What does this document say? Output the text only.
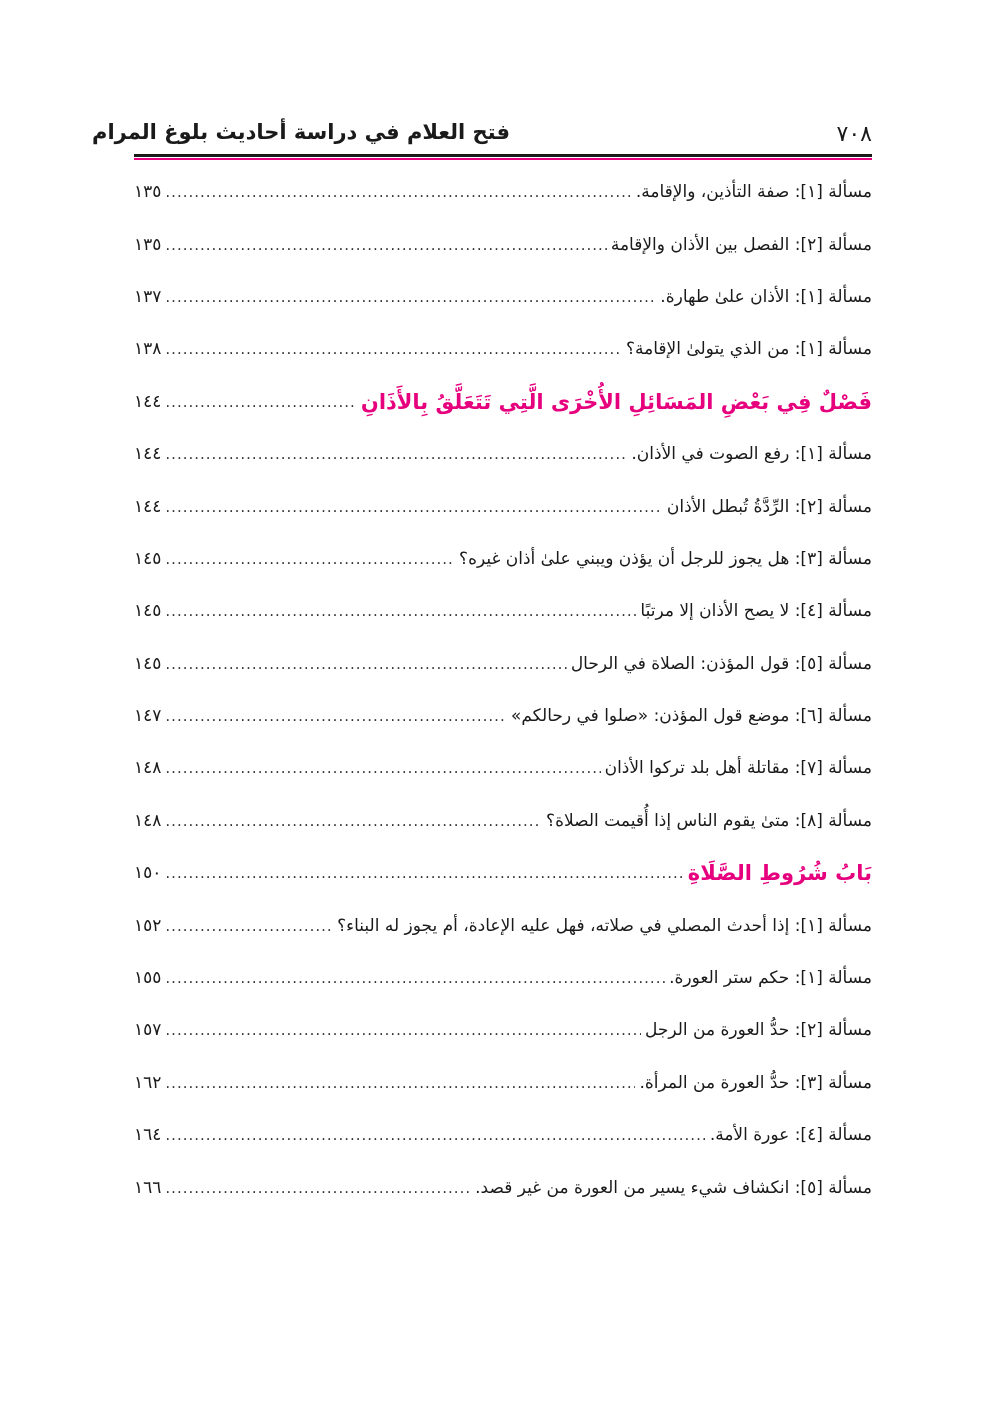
فتح العلام في دراسة أحاديث بلوغ المرام	٧٠٨
مسألة [١]: صفة التأذين، والإقامة.
.....
١٣٥
مسألة [٢]: الفصل بين الأذان والإقامة
.....
١٣٥
مسألة [١]: الأذان علىٰ طهارة.
.....
١٣٧
مسألة [١]: من الذي يتولىٰ الإقامة؟
.....
١٣٨
فَصْلٌ فِي بَعْضِ المَسَائِلِ الأُخْرَى الَّتِي تَتَعَلَّقُ بِالأَذَانِ
.....
١٤٤
مسألة [١]: رفع الصوت في الأذان.
.....
١٤٤
مسألة [٢]: الرِّدَّةُ تُبطل الأذان
.....
١٤٤
مسألة [٣]: هل يجوز للرجل أن يؤذن ويبني علىٰ أذان غيره؟
.....
١٤٥
مسألة [٤]: لا يصح الأذان إلا مرتبًا
.....
١٤٥
مسألة [٥]: قول المؤذن: الصلاة في الرحال
.....
١٤٥
مسألة [٦]: موضع قول المؤذن: «صلوا في رحالكم»
.....
١٤٧
مسألة [٧]: مقاتلة أهل بلد تركوا الأذان
.....
١٤٨
مسألة [٨]: متىٰ يقوم الناس إذا أُقيمت الصلاة؟
.....
١٤٨
بَابُ شُرُوطِ الصَّلَاةِ
.....
١٥٠
مسألة [١]: إذا أحدث المصلي في صلاته، فهل عليه الإعادة، أم يجوز له البناء؟
.....
١٥٢
مسألة [١]: حكم ستر العورة.
.....
١٥٥
مسألة [٢]: حدُّ العورة من الرجل
.....
١٥٧
مسألة [٣]: حدُّ العورة من المرأة.
.....
١٦٢
مسألة [٤]: عورة الأمة.
.....
١٦٤
مسألة [٥]: انكشاف شيء يسير من العورة من غير قصد.
.....
١٦٦
